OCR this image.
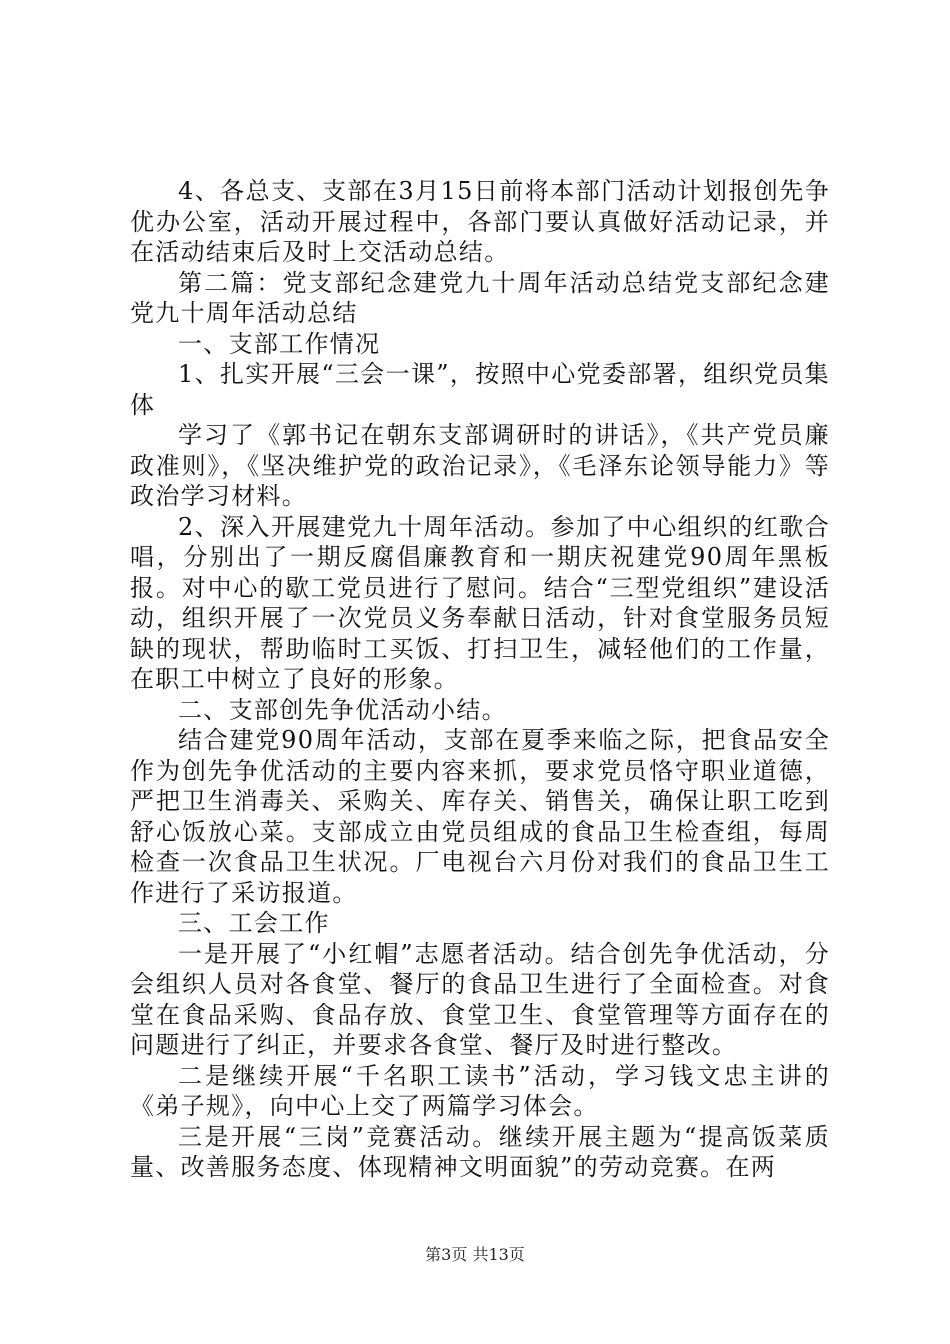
4、各总支、支部在3月15日前将本部门活动计划报创先争优办公室，活动开展过程中，各部门要认真做好活动记录，并在活动结束后及时上交活动总结。

第二篇：党支部纪念建党九十周年活动总结党支部纪念建党九十周年活动总结

一、支部工作情况

1、扎实开展“三会一课”，按照中心党委部署，组织党员集体

学习了《郭书记在朝东支部调研时的讲话》，《共产党员廉政准则》，《坚决维护党的政治记录》，《毛泽东论领导能力》等政治学习材料。

2、深入开展建党九十周年活动。参加了中心组织的红歌合唱，分别出了一期反腐倡廉教育和一期庆祝建党90周年黑板报。对中心的歇工党员进行了慰问。结合“三型党组织”建设活动，组织开展了一次党员义务奉献日活动，针对食堂服务员短缺的现状，帮助临时工买饭、打扫卫生，减轻他们的工作量，在职工中树立了良好的形象。

二、支部创先争优活动小结。

结合建党90周年活动，支部在夏季来临之际，把食品安全作为创先争优活动的主要内容来抓，要求党员恪守职业道德，严把卫生消毒关、采购关、库存关、销售关，确保让职工吃到舒心饭放心菜。支部成立由党员组成的食品卫生检查组，每周检查一次食品卫生状况。厂电视台六月份对我们的食品卫生工作进行了采访报道。

三、工会工作

一是开展了“小红帽”志愿者活动。结合创先争优活动，分会组织人员对各食堂、餐厅的食品卫生进行了全面检查。对食堂在食品采购、食品存放、食堂卫生、食堂管理等方面存在的问题进行了纠正，并要求各食堂、餐厅及时进行整改。

二是继续开展“千名职工读书”活动，学习钱文忠主讲的《弟子规》，向中心上交了两篇学习体会。

三是开展“三岗”竞赛活动。继续开展主题为“提高饭菜质量、改善服务态度、体现精神文明面貌”的劳动竞赛。在两

第3页 共13页
